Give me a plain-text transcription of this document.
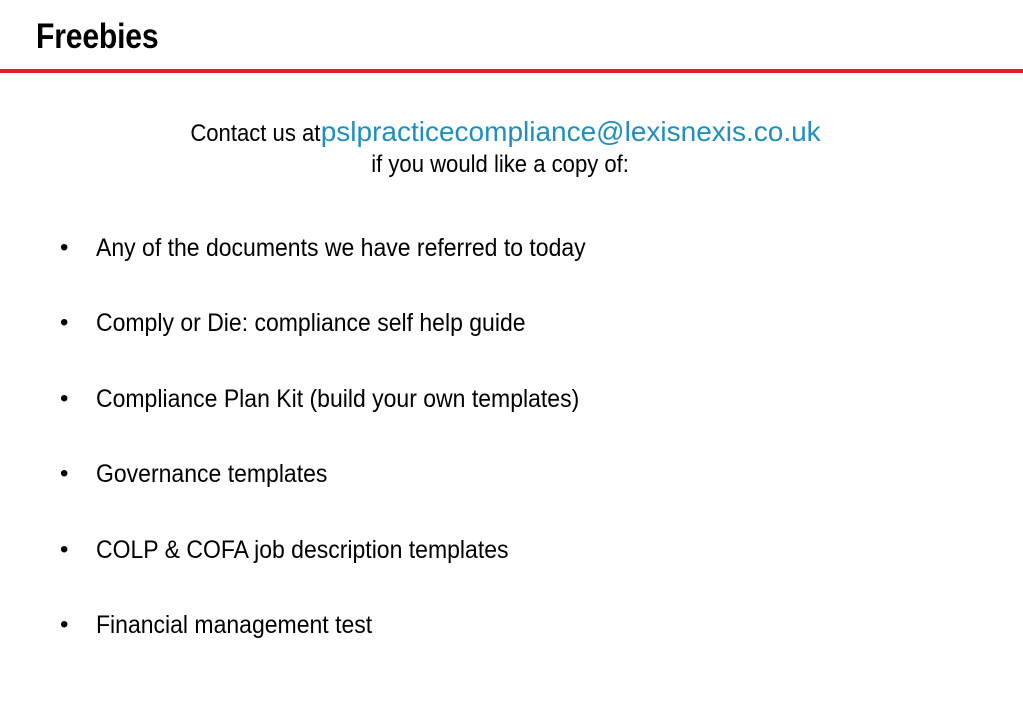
Freebies
Contact us atpslpracticecompliance@lexisnexis.co.uk
if you would like a copy of:
• Any of the documents we have referred to today
• Comply or Die: compliance self help guide
• Compliance Plan Kit (build your own templates)
• Governance templates
• COLP & COFA job description templates
• Financial management test
